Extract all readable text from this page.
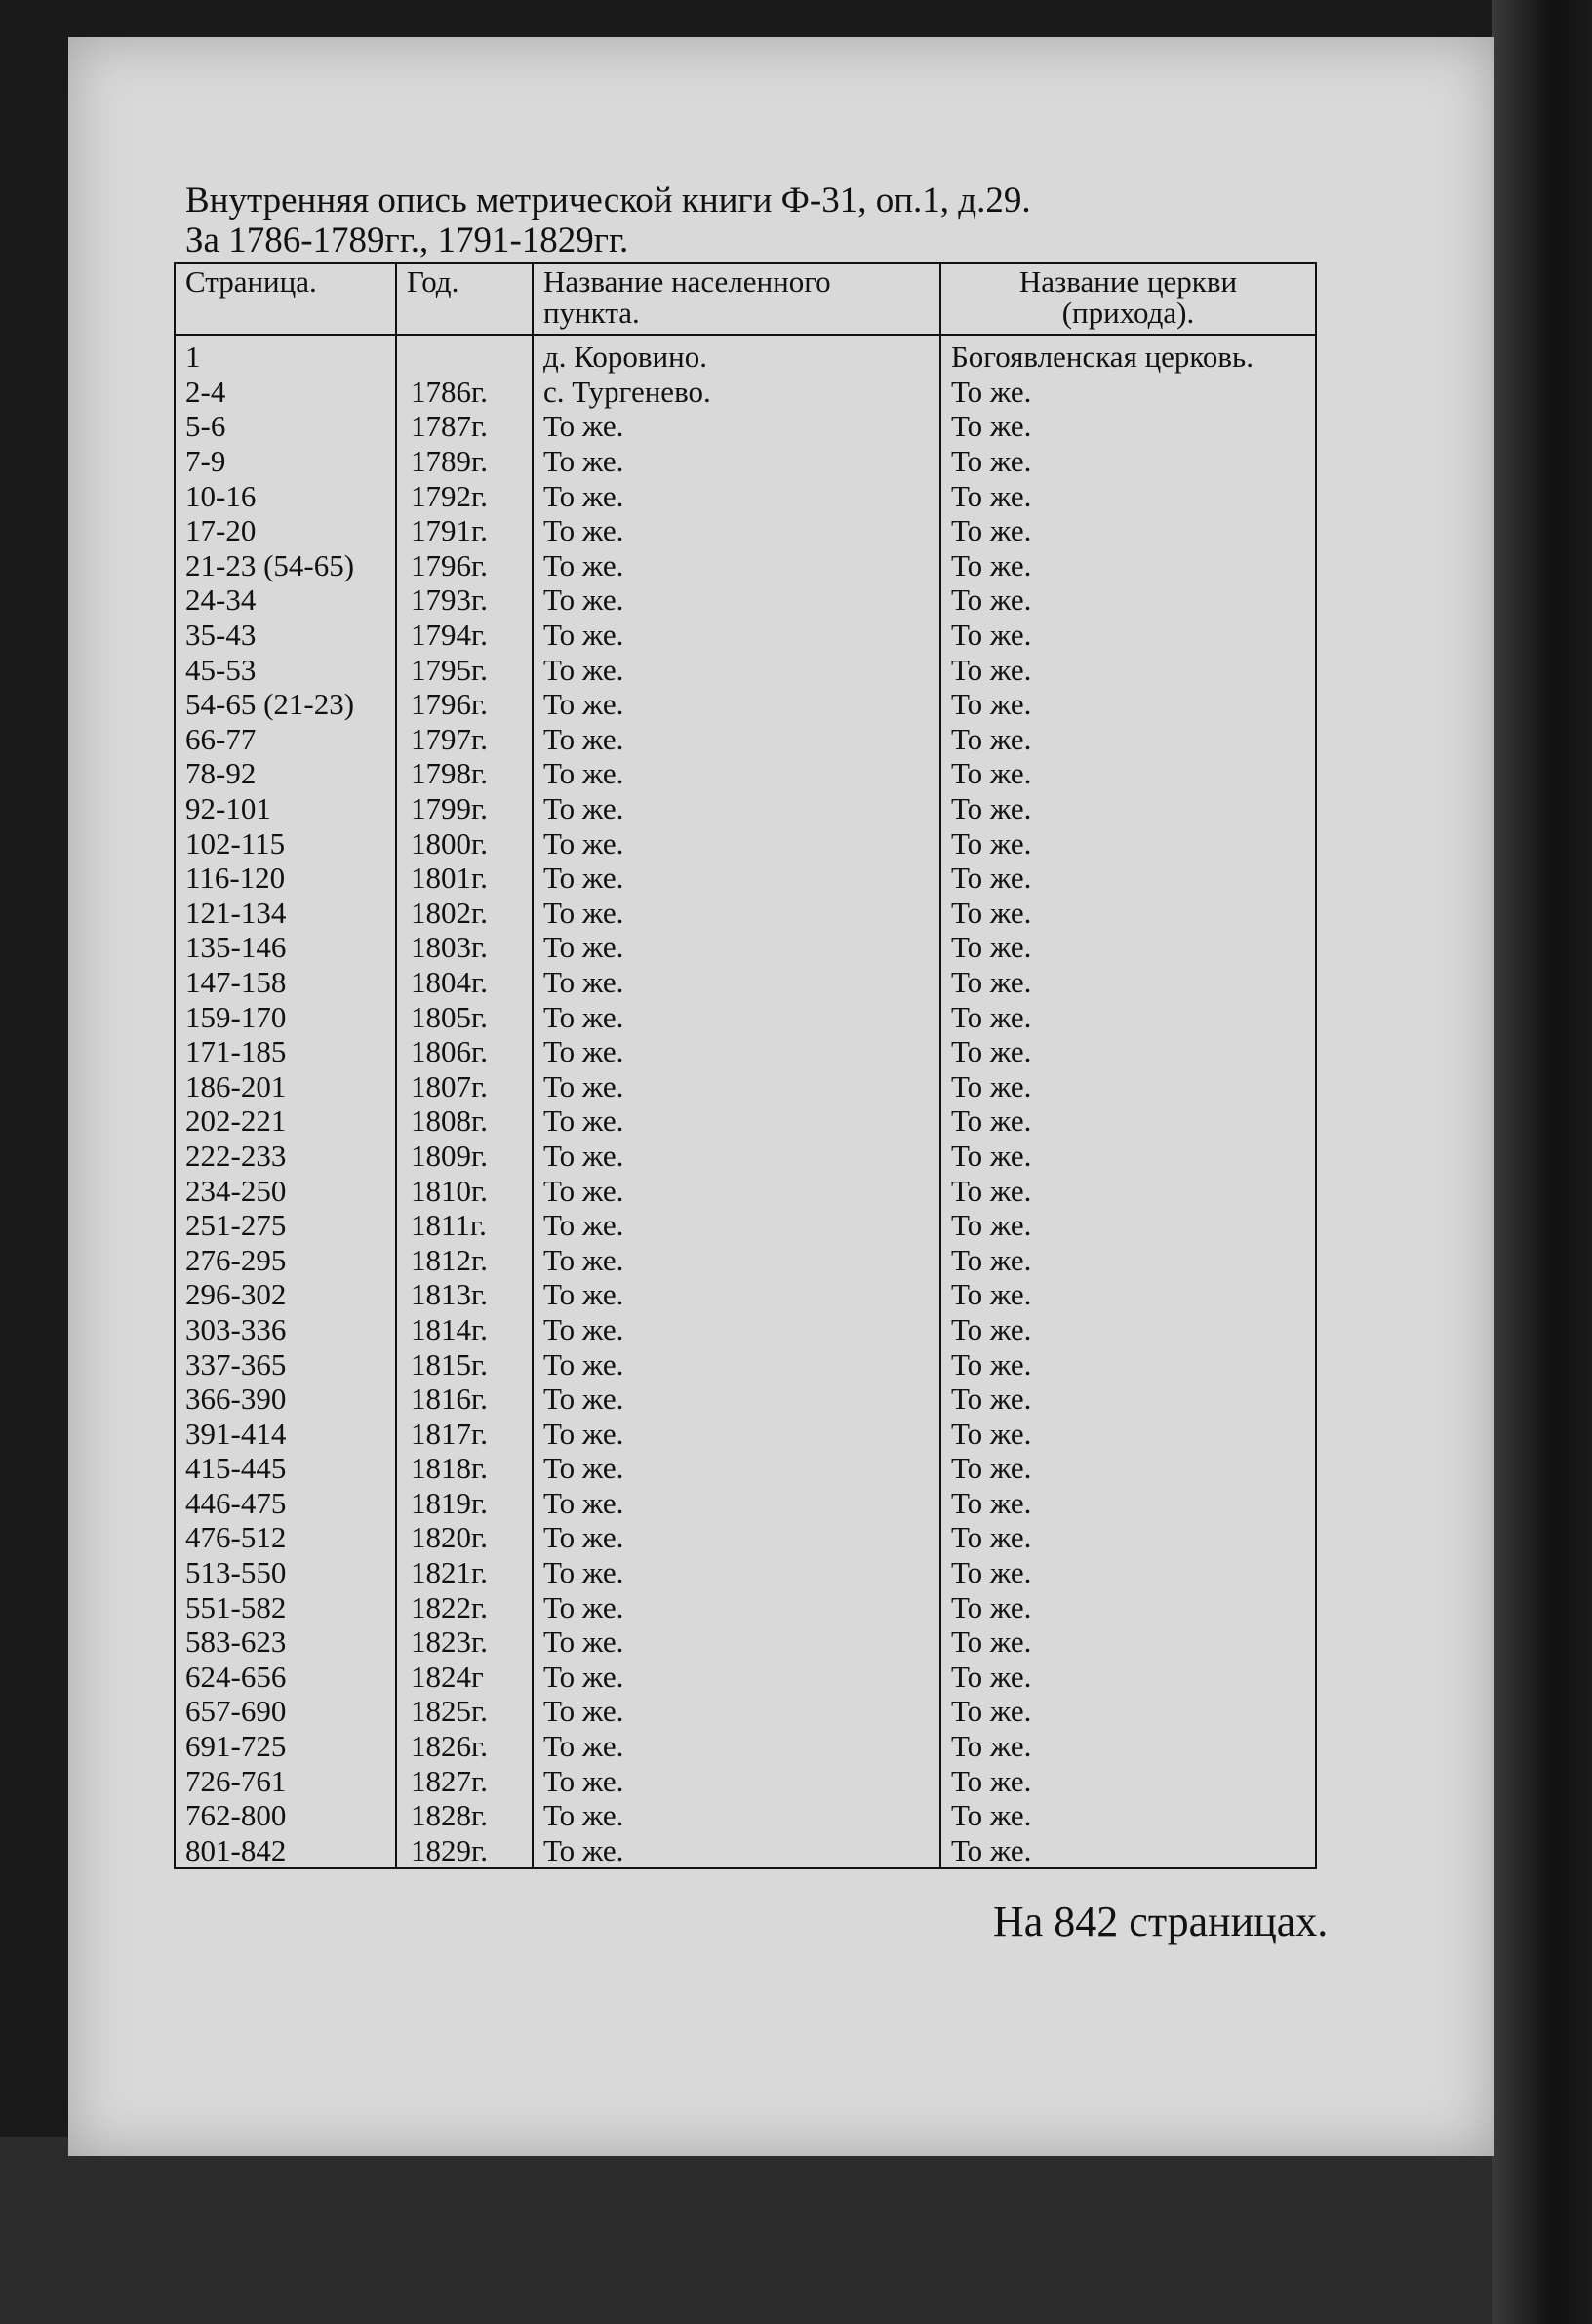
Внутренняя опись метрической книги Ф-31, оп.1, д.29.
За 1786-1789гг., 1791-1829гг.
Страница.	Год.	Название населенного пункта.	Название церкви (прихода).
1		д. Коровино.	Богоявленская церковь.
2-4	1786г.	с. Тургенево.	То же.
5-6	1787г.	То же.	То же.
7-9	1789г.	То же.	То же.
10-16	1792г.	То же.	То же.
17-20	1791г.	То же.	То же.
21-23 (54-65)	1796г.	То же.	То же.
24-34	1793г.	То же.	То же.
35-43	1794г.	То же.	То же.
45-53	1795г.	То же.	То же.
54-65 (21-23)	1796г.	То же.	То же.
66-77	1797г.	То же.	То же.
78-92	1798г.	То же.	То же.
92-101	1799г.	То же.	То же.
102-115	1800г.	То же.	То же.
116-120	1801г.	То же.	То же.
121-134	1802г.	То же.	То же.
135-146	1803г.	То же.	То же.
147-158	1804г.	То же.	То же.
159-170	1805г.	То же.	То же.
171-185	1806г.	То же.	То же.
186-201	1807г.	То же.	То же.
202-221	1808г.	То же.	То же.
222-233	1809г.	То же.	То же.
234-250	1810г.	То же.	То же.
251-275	1811г.	То же.	То же.
276-295	1812г.	То же.	То же.
296-302	1813г.	То же.	То же.
303-336	1814г.	То же.	То же.
337-365	1815г.	То же.	То же.
366-390	1816г.	То же.	То же.
391-414	1817г.	То же.	То же.
415-445	1818г.	То же.	То же.
446-475	1819г.	То же.	То же.
476-512	1820г.	То же.	То же.
513-550	1821г.	То же.	То же.
551-582	1822г.	То же.	То же.
583-623	1823г.	То же.	То же.
624-656	1824г	То же.	То же.
657-690	1825г.	То же.	То же.
691-725	1826г.	То же.	То же.
726-761	1827г.	То же.	То же.
762-800	1828г.	То же.	То же.
801-842	1829г.	То же.	То же.
На 842 страницах.
